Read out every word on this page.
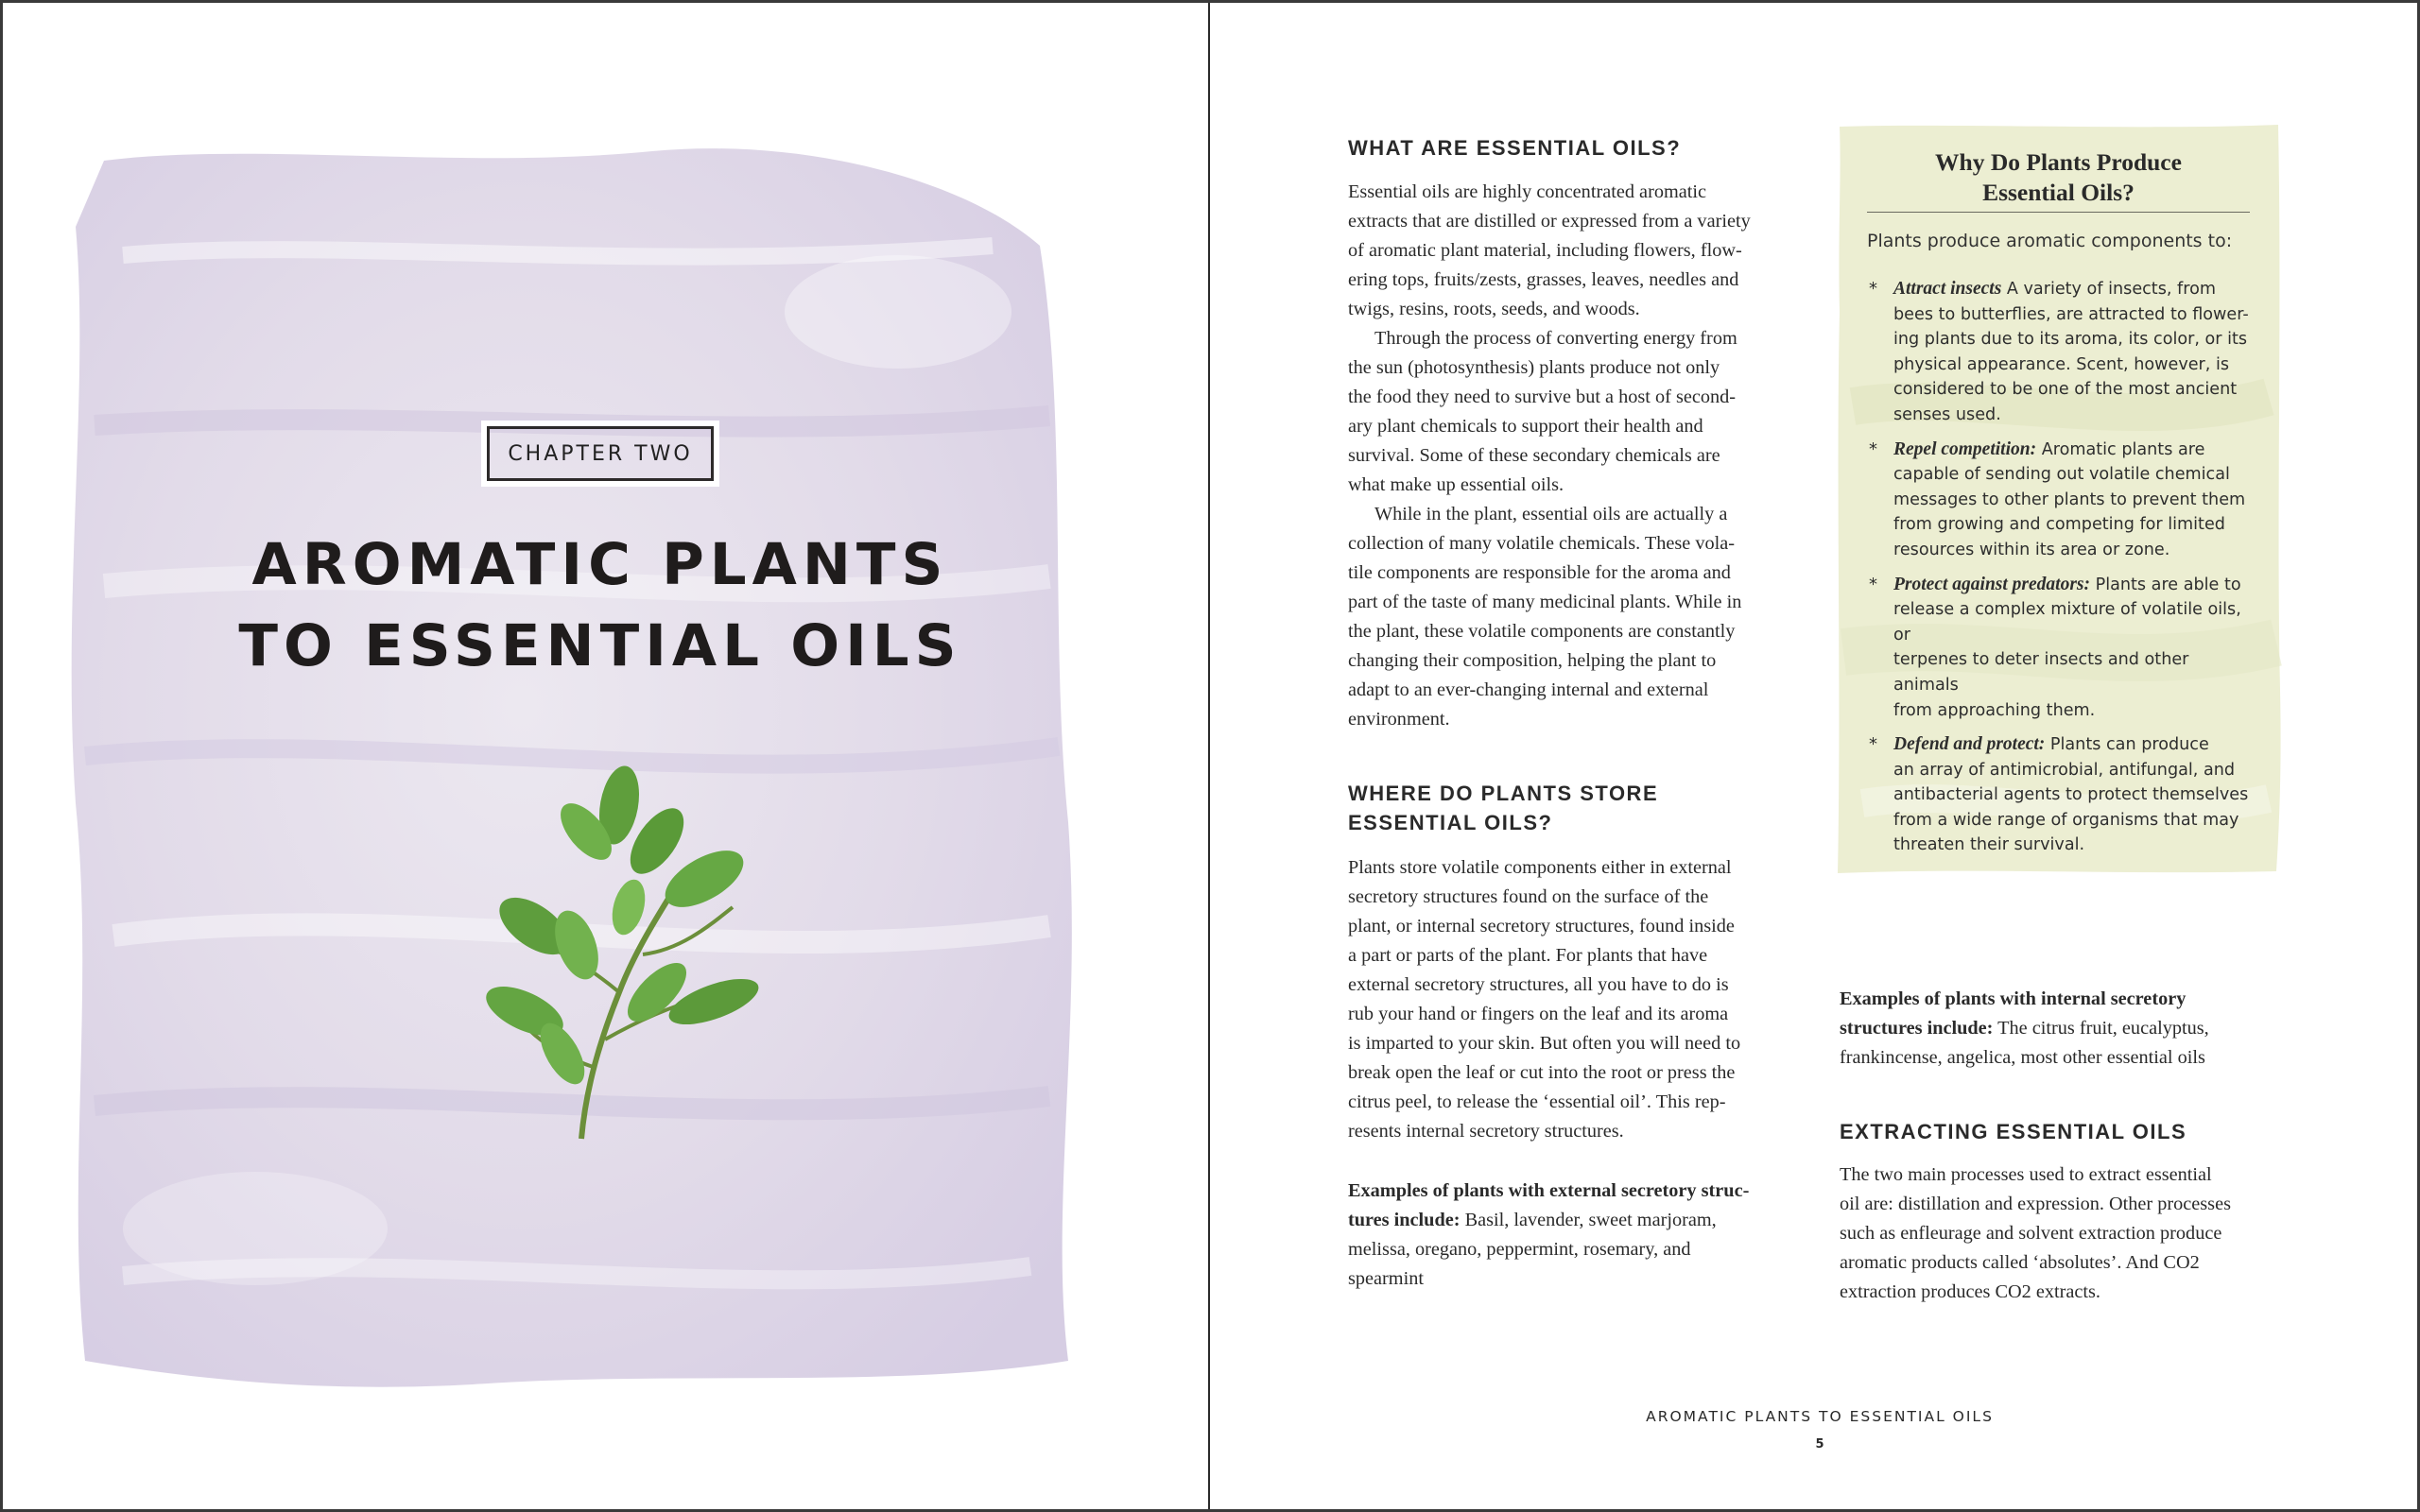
CHAPTER TWO
AROMATIC PLANTS
TO ESSENTIAL OILS
WHAT ARE ESSENTIAL OILS?
Essential oils are highly concentrated aromatic
extracts that are distilled or expressed from a variety
of aromatic plant material, including flowers, flow-
ering tops, fruits/zests, grasses, leaves, needles and
twigs, resins, roots, seeds, and woods.
Through the process of converting energy from
the sun (photosynthesis) plants produce not only
the food they need to survive but a host of second-
ary plant chemicals to support their health and
survival. Some of these secondary chemicals are
what make up essential oils.
While in the plant, essential oils are actually a
collection of many volatile chemicals. These vola-
tile components are responsible for the aroma and
part of the taste of many medicinal plants. While in
the plant, these volatile components are constantly
changing their composition, helping the plant to
adapt to an ever-changing internal and external
environment.
WHERE DO PLANTS STORE
ESSENTIAL OILS?
Plants store volatile components either in external
secretory structures found on the surface of the
plant, or internal secretory structures, found inside
a part or parts of the plant. For plants that have
external secretory structures, all you have to do is
rub your hand or fingers on the leaf and its aroma
is imparted to your skin. But often you will need to
break open the leaf or cut into the root or press the
citrus peel, to release the ‘essential oil’. This rep-
resents internal secretory structures.
Examples of plants with external secretory struc-
tures include: Basil, lavender, sweet marjoram,
melissa, oregano, peppermint, rosemary, and
spearmint
Why Do Plants Produce
Essential Oils?
Plants produce aromatic components to:
* Attract insects A variety of insects, from
bees to butterflies, are attracted to flower-
ing plants due to its aroma, its color, or its
physical appearance. Scent, however, is
considered to be one of the most ancient
senses used.
* Repel competition: Aromatic plants are
capable of sending out volatile chemical
messages to other plants to prevent them
from growing and competing for limited
resources within its area or zone.
* Protect against predators: Plants are able to
release a complex mixture of volatile oils, or
terpenes to deter insects and other animals
from approaching them.
* Defend and protect: Plants can produce
an array of antimicrobial, antifungal, and
antibacterial agents to protect themselves
from a wide range of organisms that may
threaten their survival.
Examples of plants with internal secretory
structures include: The citrus fruit, eucalyptus,
frankincense, angelica, most other essential oils
EXTRACTING ESSENTIAL OILS
The two main processes used to extract essential
oil are: distillation and expression. Other processes
such as enfleurage and solvent extraction produce
aromatic products called ‘absolutes’. And CO2
extraction produces CO2 extracts.
AROMATIC PLANTS TO ESSENTIAL OILS
5
